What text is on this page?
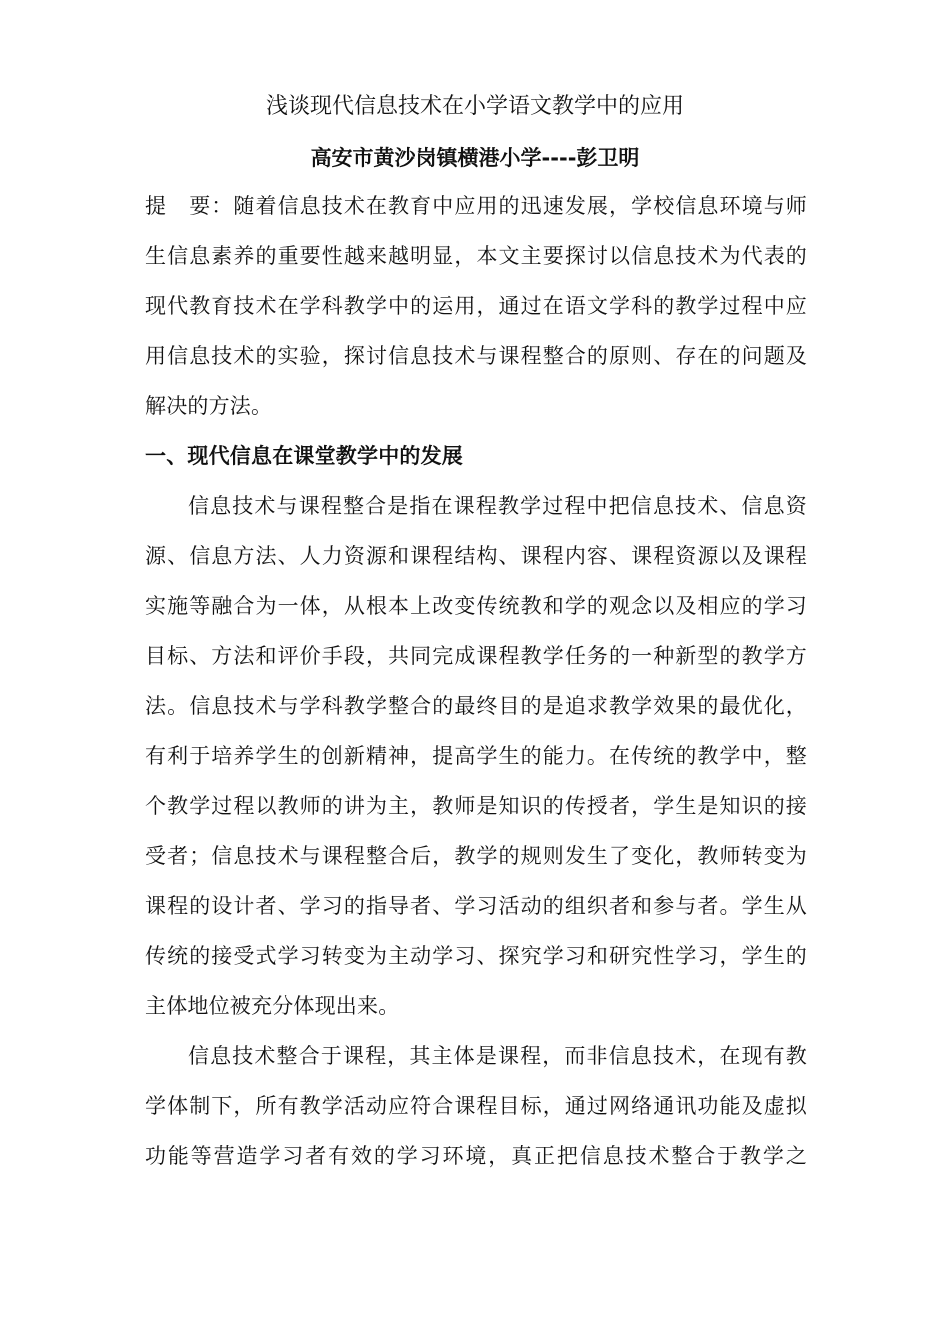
浅谈现代信息技术在小学语文教学中的应用
高安市黄沙岗镇横港小学----彭卫明
提　要：随着信息技术在教育中应用的迅速发展，学校信息环境与师
生信息素养的重要性越来越明显，本文主要探讨以信息技术为代表的
现代教育技术在学科教学中的运用，通过在语文学科的教学过程中应
用信息技术的实验，探讨信息技术与课程整合的原则、存在的问题及
解决的方法。
一、现代信息在课堂教学中的发展
信息技术与课程整合是指在课程教学过程中把信息技术、信息资
源、信息方法、人力资源和课程结构、课程内容、课程资源以及课程
实施等融合为一体，从根本上改变传统教和学的观念以及相应的学习
目标、方法和评价手段，共同完成课程教学任务的一种新型的教学方
法。信息技术与学科教学整合的最终目的是追求教学效果的最优化，
有利于培养学生的创新精神，提高学生的能力。在传统的教学中，整
个教学过程以教师的讲为主，教师是知识的传授者，学生是知识的接
受者；信息技术与课程整合后，教学的规则发生了变化，教师转变为
课程的设计者、学习的指导者、学习活动的组织者和参与者。学生从
传统的接受式学习转变为主动学习、探究学习和研究性学习，学生的
主体地位被充分体现出来。
信息技术整合于课程，其主体是课程，而非信息技术，在现有教
学体制下，所有教学活动应符合课程目标，通过网络通讯功能及虚拟
功能等营造学习者有效的学习环境，真正把信息技术整合于教学之
